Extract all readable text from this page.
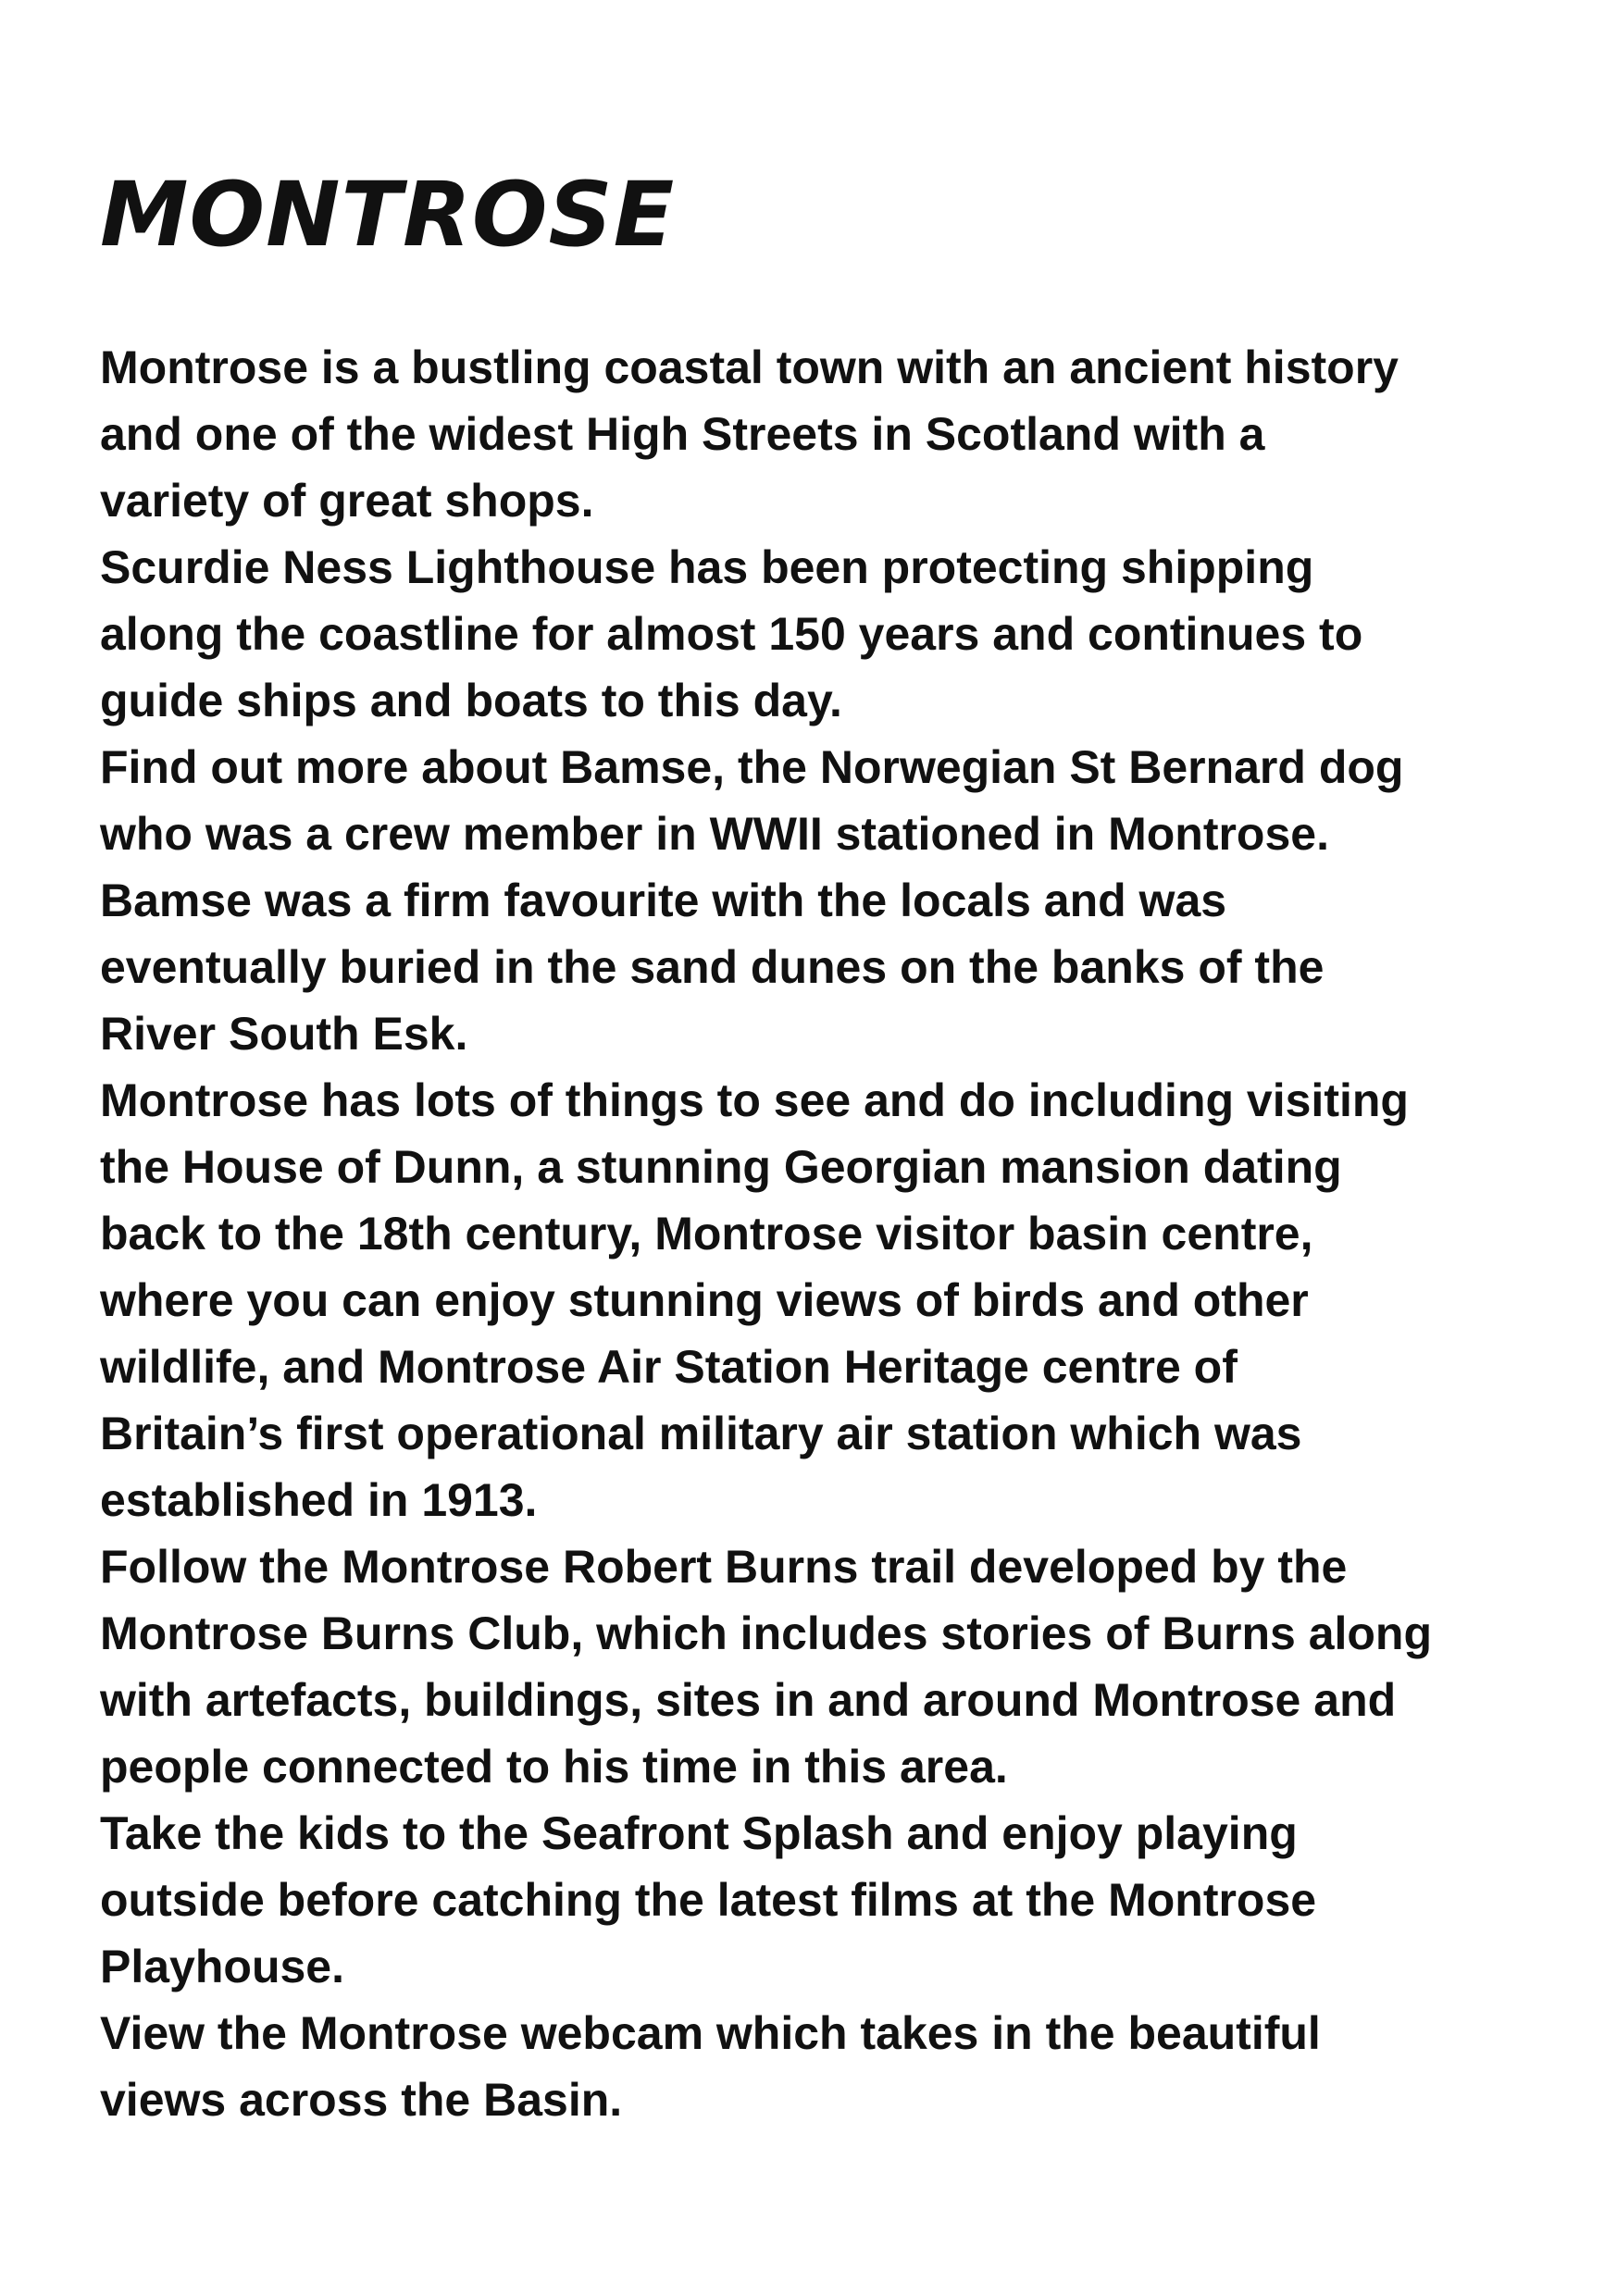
MONTROSE

Montrose is a bustling coastal town with an ancient history
and one of the widest High Streets in Scotland with a
variety of great shops.

Scurdie Ness Lighthouse has been protecting shipping
along the coastline for almost 150 years and continues to
guide ships and boats to this day.

Find out more about Bamse, the Norwegian St Bernard dog
who was a crew member in WWII stationed in Montrose.
Bamse was a firm favourite with the locals and was
eventually buried in the sand dunes on the banks of the
River South Esk.

Montrose has lots of things to see and do including visiting
the House of Dunn, a stunning Georgian mansion dating
back to the 18th century, Montrose visitor basin centre,
where you can enjoy stunning views of birds and other
wildlife, and Montrose Air Station Heritage centre of
Britain’s first operational military air station which was
established in 1913.

Follow the Montrose Robert Burns trail developed by the
Montrose Burns Club, which includes stories of Burns along
with artefacts, buildings, sites in and around Montrose and
people connected to his time in this area.

Take the kids to the Seafront Splash and enjoy playing
outside before catching the latest films at the Montrose
Playhouse.

View the Montrose webcam which takes in the beautiful
views across the Basin.
